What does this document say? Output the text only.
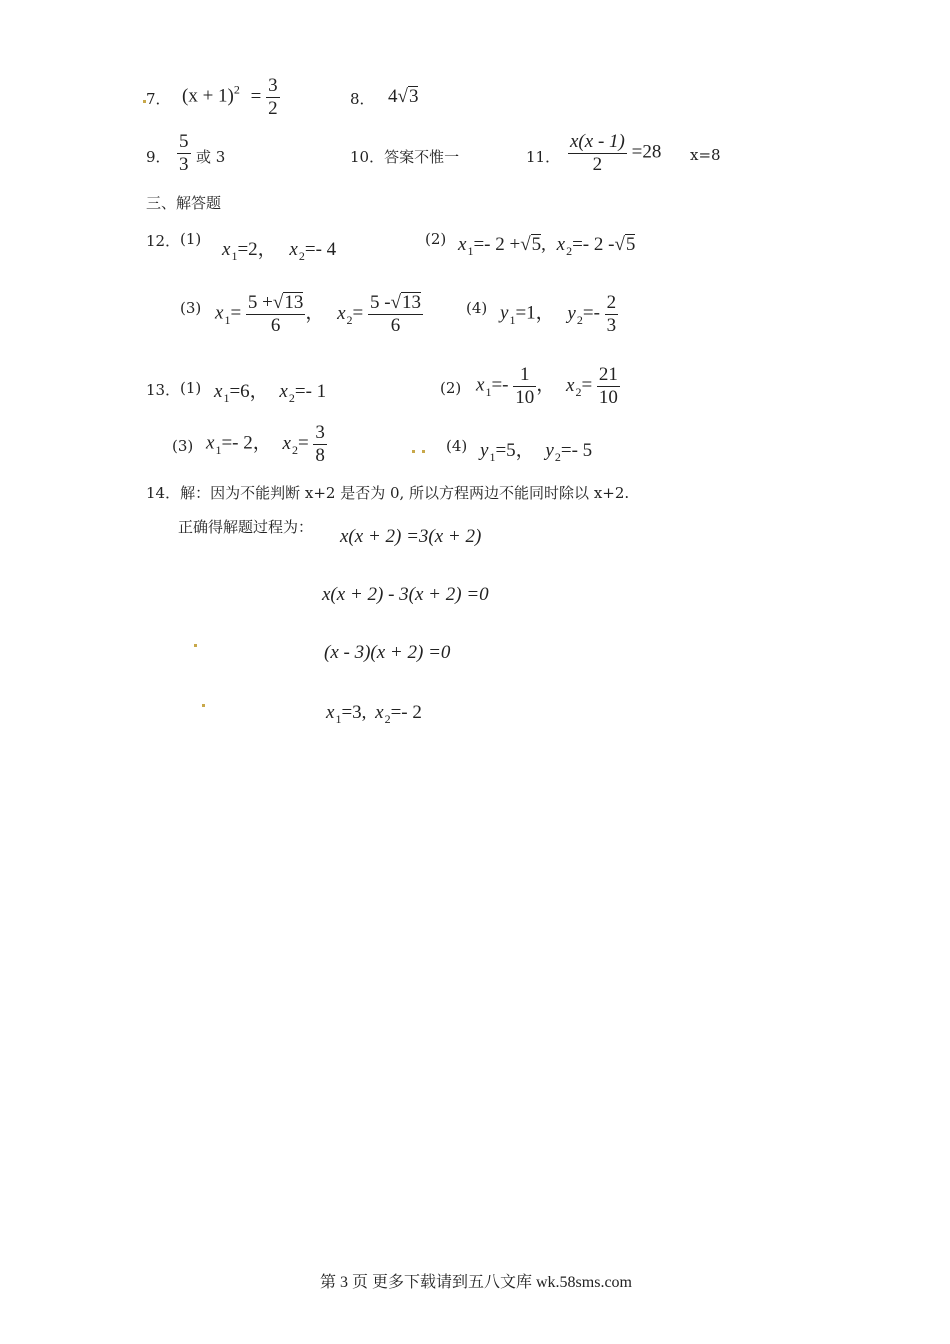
7． $(x + 1)^2 = \frac{3}{2}$	8． 4√3
9． $\frac{5}{3}$ 或 3	10．答案不惟一	11． $\frac{x(x - 1)}{2} =28$ x=8
三、解答题
12． (1) $x_1=2$， $x_2=-$ 4	(2) $x_1=-$ 2 +√5, $x_2=-$ 2 -√5
(3) $x_1= \frac{5 +√13}{6}$ ， $x_2= \frac{5 -√13}{6}$	(4) $y_1=1$， $y_2=- \frac{2}{3}$
13． (1) $x_1=6$， $x_2=-$ 1	(2) $x_1=- \frac{1}{10}$ ， $x_2= \frac{21}{10}$
(3) $x_1=-$ 2， $x_2= \frac{3}{8}$	(4) $y_1=5$， $y_2=-$ 5
14．解：因为不能判断 x+2 是否为 0, 所以方程两边不能同时除以 x+2.
正确得解题过程为： x(x + 2) =3(x + 2)
x(x + 2) - 3(x + 2) =0
(x - 3)(x + 2) =0
$x_1=3$, $x_2=-$ 2
第 3 页 更多下载请到五八文库 wk.58sms.com
